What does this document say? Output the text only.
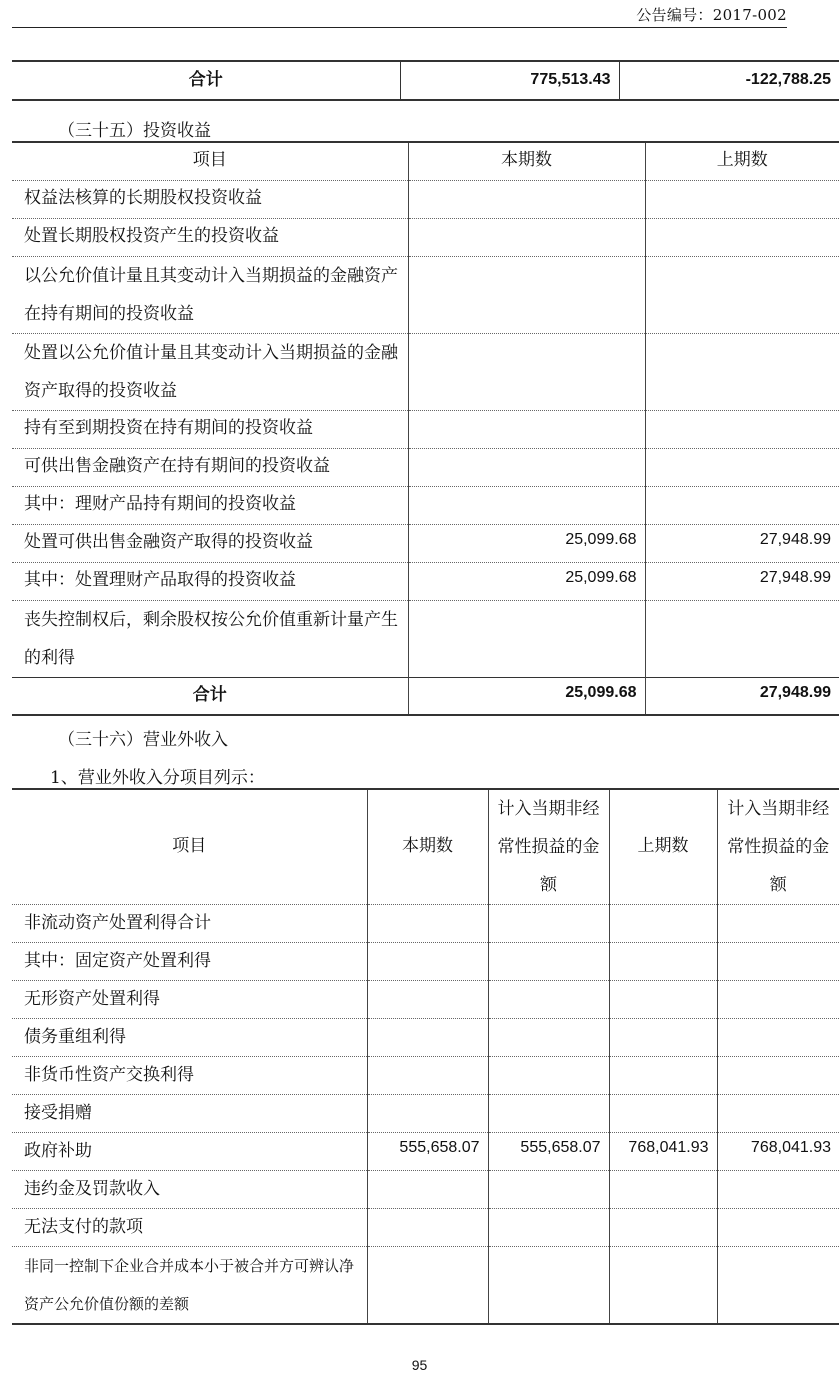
公告编号：2017-002
合计	775,513.43	-122,788.25
（三十五）投资收益
项目	本期数	上期数
权益法核算的长期股权投资收益		
处置长期股权投资产生的投资收益		
以公允价值计量且其变动计入当期损益的金融资产在持有期间的投资收益		
处置以公允价值计量且其变动计入当期损益的金融资产取得的投资收益		
持有至到期投资在持有期间的投资收益		
可供出售金融资产在持有期间的投资收益		
其中：理财产品持有期间的投资收益		
处置可供出售金融资产取得的投资收益	25,099.68	27,948.99
其中：处置理财产品取得的投资收益	25,099.68	27,948.99
丧失控制权后，剩余股权按公允价值重新计量产生的利得		
合计	25,099.68	27,948.99
（三十六）营业外收入
1、营业外收入分项目列示：
项目	本期数	计入当期非经常性损益的金额	上期数	计入当期非经常性损益的金额
非流动资产处置利得合计				
其中：固定资产处置利得				
无形资产处置利得				
债务重组利得				
非货币性资产交换利得				
接受捐赠				
政府补助	555,658.07	555,658.07	768,041.93	768,041.93
违约金及罚款收入				
无法支付的款项				
非同一控制下企业合并成本小于被合并方可辨认净资产公允价值份额的差额				
95
